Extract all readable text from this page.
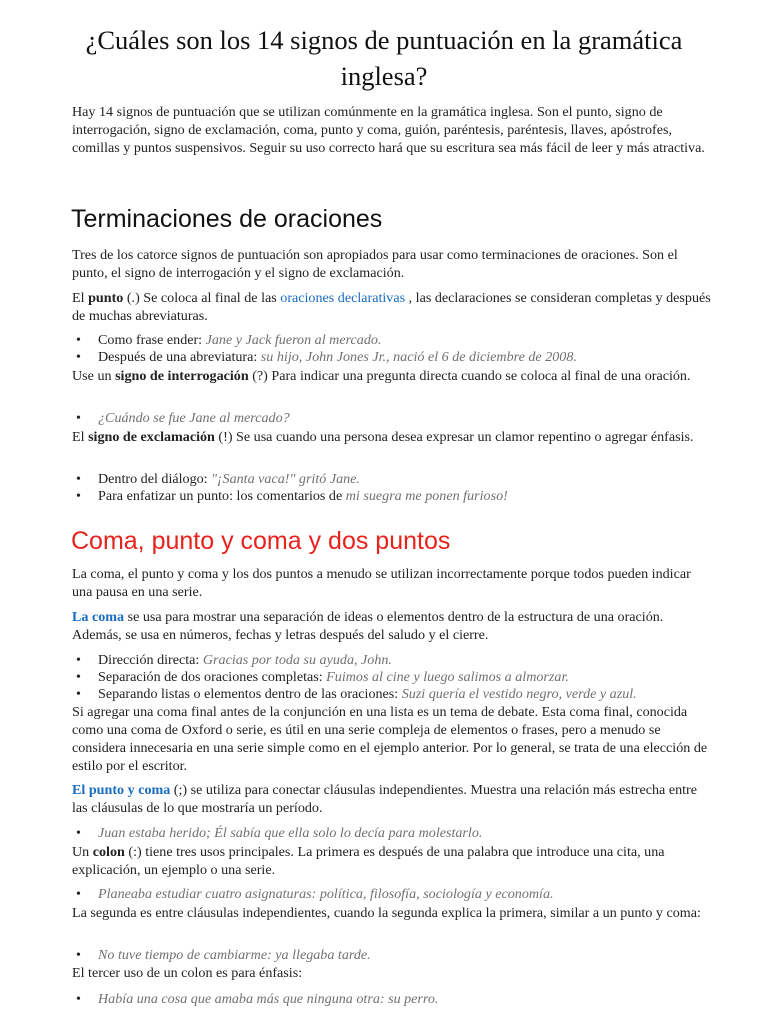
¿Cuáles son los 14 signos de puntuación en la gramática inglesa?

Hay 14 signos de puntuación que se utilizan comúnmente en la gramática inglesa. Son el punto, signo de interrogación, signo de exclamación, coma, punto y coma, guión, paréntesis, paréntesis, llaves, apóstrofes, comillas y puntos suspensivos. Seguir su uso correcto hará que su escritura sea más fácil de leer y más atractiva.

Terminaciones de oraciones

Tres de los catorce signos de puntuación son apropiados para usar como terminaciones de oraciones. Son el punto, el signo de interrogación y el signo de exclamación.

El punto (.) Se coloca al final de las oraciones declarativas , las declaraciones se consideran completas y después de muchas abreviaturas.

• Como frase ender: Jane y Jack fueron al mercado.
• Después de una abreviatura: su hijo, John Jones Jr., nació el 6 de diciembre de 2008.

Use un signo de interrogación (?) Para indicar una pregunta directa cuando se coloca al final de una oración.

• ¿Cuándo se fue Jane al mercado?

El signo de exclamación (!) Se usa cuando una persona desea expresar un clamor repentino o agregar énfasis.

• Dentro del diálogo: "¡Santa vaca!" gritó Jane.
• Para enfatizar un punto: los comentarios de mi suegra me ponen furioso!
Coma, punto y coma y dos puntos

La coma, el punto y coma y los dos puntos a menudo se utilizan incorrectamente porque todos pueden indicar una pausa en una serie.

La coma se usa para mostrar una separación de ideas o elementos dentro de la estructura de una oración. Además, se usa en números, fechas y letras después del saludo y el cierre.

• Dirección directa: Gracias por toda su ayuda, John.
• Separación de dos oraciones completas: Fuimos al cine y luego salimos a almorzar.
• Separando listas o elementos dentro de las oraciones: Suzi quería el vestido negro, verde y azul.

Si agregar una coma final antes de la conjunción en una lista es un tema de debate. Esta coma final, conocida como una coma de Oxford o serie, es útil en una serie compleja de elementos o frases, pero a menudo se considera innecesaria en una serie simple como en el ejemplo anterior. Por lo general, se trata de una elección de estilo por el escritor.

El punto y coma (;) se utiliza para conectar cláusulas independientes. Muestra una relación más estrecha entre las cláusulas de lo que mostraría un período.

• Juan estaba herido; Él sabía que ella solo lo decía para molestarlo.

Un colon (:) tiene tres usos principales. La primera es después de una palabra que introduce una cita, una explicación, un ejemplo o una serie.

• Planeaba estudiar cuatro asignaturas: política, filosofía, sociología y economía.

La segunda es entre cláusulas independientes, cuando la segunda explica la primera, similar a un punto y coma:

• No tuve tiempo de cambiarme: ya llegaba tarde.

El tercer uso de un colon es para énfasis:

• Había una cosa que amaba más que ninguna otra: su perro.
